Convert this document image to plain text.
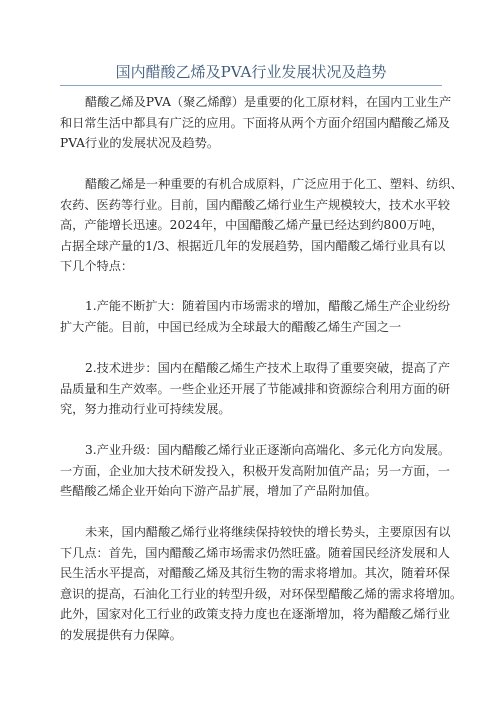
国内醋酸乙烯及PVA行业发展状况及趋势
醋酸乙烯及PVA（聚乙烯醇）是重要的化工原材料，在国内工业生产
和日常生活中都具有广泛的应用。下面将从两个方面介绍国内醋酸乙烯及
PVA行业的发展状况及趋势。
醋酸乙烯是一种重要的有机合成原料，广泛应用于化工、塑料、纺织、
农药、医药等行业。目前，国内醋酸乙烯行业生产规模较大，技术水平较
高，产能增长迅速。2024年，中国醋酸乙烯产量已经达到约800万吨，
占据全球产量的1/3、根据近几年的发展趋势，国内醋酸乙烯行业具有以
下几个特点：
1.产能不断扩大：随着国内市场需求的增加，醋酸乙烯生产企业纷纷
扩大产能。目前，中国已经成为全球最大的醋酸乙烯生产国之一
2.技术进步：国内在醋酸乙烯生产技术上取得了重要突破，提高了产
品质量和生产效率。一些企业还开展了节能减排和资源综合利用方面的研
究，努力推动行业可持续发展。
3.产业升级：国内醋酸乙烯行业正逐渐向高端化、多元化方向发展。
一方面，企业加大技术研发投入，积极开发高附加值产品；另一方面，一
些醋酸乙烯企业开始向下游产品扩展，增加了产品附加值。
未来，国内醋酸乙烯行业将继续保持较快的增长势头，主要原因有以
下几点：首先，国内醋酸乙烯市场需求仍然旺盛。随着国民经济发展和人
民生活水平提高，对醋酸乙烯及其衍生物的需求将增加。其次，随着环保
意识的提高，石油化工行业的转型升级，对环保型醋酸乙烯的需求将增加。
此外，国家对化工行业的政策支持力度也在逐渐增加，将为醋酸乙烯行业
的发展提供有力保障。
